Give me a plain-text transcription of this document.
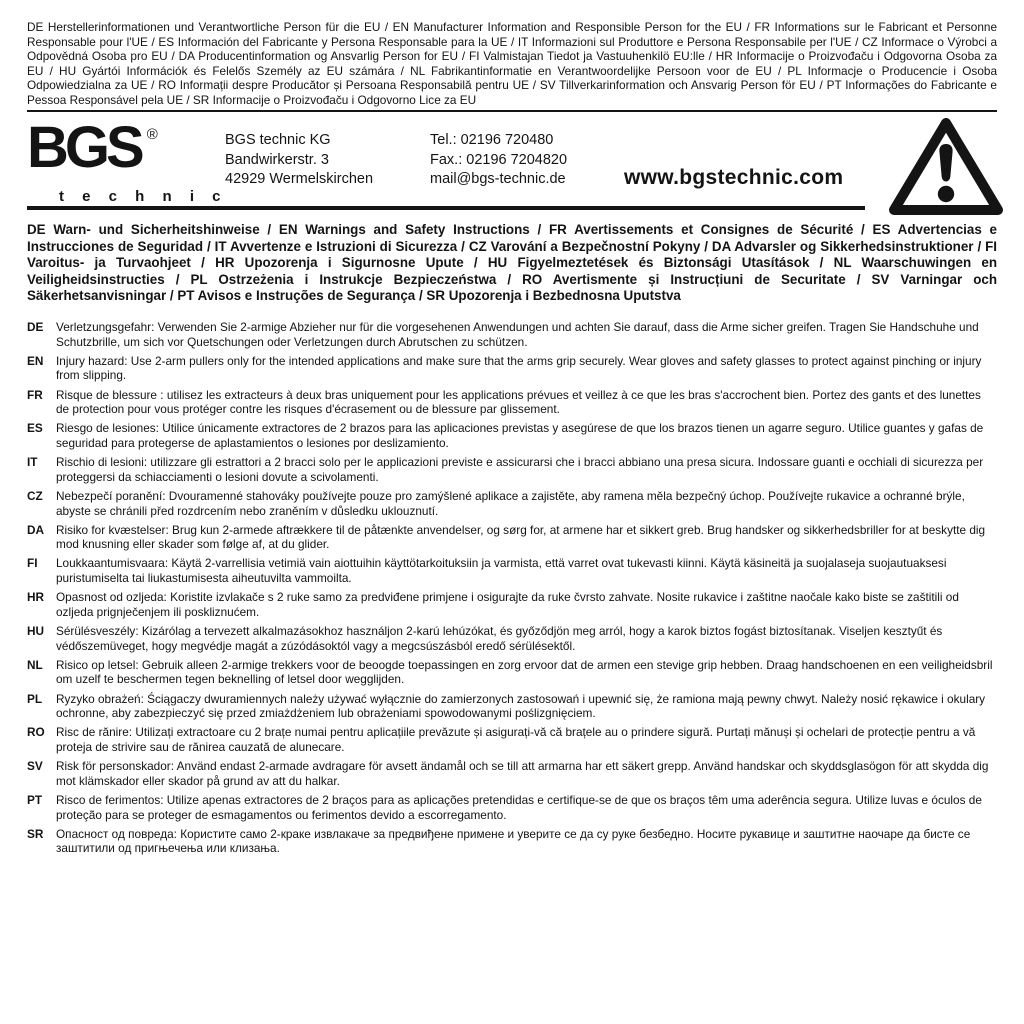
DE Herstellerinformationen und Verantwortliche Person für die EU / EN Manufacturer Information and Responsible Person for the EU / FR Informations sur le Fabricant et Personne Responsable pour l'UE / ES Información del Fabricante y Persona Responsable para la UE / IT Informazioni sul Produttore e Persona Responsabile per l'UE / CZ Informace o Výrobci a Odpovědná Osoba pro EU / DA Producentinformation og Ansvarlig Person for EU / FI Valmistajan Tiedot ja Vastuuhenkilö EU:lle / HR Informacije o Proizvođaču i Odgovorna Osoba za EU / HU Gyártói Információk és Felelős Személy az EU számára / NL Fabrikantinformatie en Verantwoordelijke Persoon voor de EU / PL Informacje o Producencie i Osoba Odpowiedzialna za UE / RO Informații despre Producător și Persoana Responsabilă pentru UE / SV Tillverkarinformation och Ansvarig Person för EU / PT Informações do Fabricante e Pessoa Responsável pela UE / SR Informacije o Proizvođaču i Odgovorno Lice za EU
BGS ®
t e c h n i c
BGS technic KG
Bandwirkerstr. 3
42929 Wermelskirchen
Tel.: 02196 720480
Fax.: 02196 7204820
mail@bgs-technic.de	www.bgstechnic.com
DE Warn- und Sicherheitshinweise / EN Warnings and Safety Instructions / FR Avertissements et Consignes de Sécurité / ES Advertencias e Instrucciones de Seguridad / IT Avvertenze e Istruzioni di Sicurezza / CZ Varování a Bezpečnostní Pokyny / DA Advarsler og Sikkerhedsinstruktioner / FI Varoitus- ja Turvaohjeet / HR Upozorenja i Sigurnosne Upute / HU Figyelmeztetések és Biztonsági Utasítások / NL Waarschuwingen en Veiligheidsinstructies / PL Ostrzeżenia i Instrukcje Bezpieczeństwa / RO Avertismente și Instrucțiuni de Securitate / SV Varningar och Säkerhetsanvisningar / PT Avisos e Instruções de Segurança / SR Upozorenja i Bezbednosna Uputstva
DE	Verletzungsgefahr: Verwenden Sie 2-armige Abzieher nur für die vorgesehenen Anwendungen und achten Sie darauf, dass die Arme sicher greifen. Tragen Sie Handschuhe und Schutzbrille, um sich vor Quetschungen oder Verletzungen durch Abrutschen zu schützen.
EN	Injury hazard: Use 2-arm pullers only for the intended applications and make sure that the arms grip securely. Wear gloves and safety glasses to protect against pinching or injury from slipping.
FR	Risque de blessure : utilisez les extracteurs à deux bras uniquement pour les applications prévues et veillez à ce que les bras s'accrochent bien. Portez des gants et des lunettes de protection pour vous protéger contre les risques d'écrasement ou de blessure par glissement.
ES	Riesgo de lesiones: Utilice únicamente extractores de 2 brazos para las aplicaciones previstas y asegúrese de que los brazos tienen un agarre seguro. Utilice guantes y gafas de seguridad para protegerse de aplastamientos o lesiones por deslizamiento.
IT	Rischio di lesioni: utilizzare gli estrattori a 2 bracci solo per le applicazioni previste e assicurarsi che i bracci abbiano una presa sicura. Indossare guanti e occhiali di sicurezza per proteggersi da schiacciamenti o lesioni dovute a scivolamenti.
CZ	Nebezpečí poranění: Dvouramenné stahováky používejte pouze pro zamýšlené aplikace a zajistěte, aby ramena měla bezpečný úchop. Používejte rukavice a ochranné brýle, abyste se chránili před rozdrcením nebo zraněním v důsledku uklouznutí.
DA	Risiko for kvæstelser: Brug kun 2-armede aftrækkere til de påtænkte anvendelser, og sørg for, at armene har et sikkert greb. Brug handsker og sikkerhedsbriller for at beskytte dig mod knusning eller skader som følge af, at du glider.
FI	Loukkaantumisvaara: Käytä 2-varrellisia vetimiä vain aiottuihin käyttötarkoituksiin ja varmista, että varret ovat tukevasti kiinni. Käytä käsineitä ja suojalaseja suojautuaksesi puristumiselta tai liukastumisesta aiheutuvilta vammoilta.
HR	Opasnost od ozljeda: Koristite izvlakače s 2 ruke samo za predviđene primjene i osigurajte da ruke čvrsto zahvate. Nosite rukavice i zaštitne naočale kako biste se zaštitili od ozljeda prignječenjem ili poskliznućem.
HU	Sérülésveszély: Kizárólag a tervezett alkalmazásokhoz használjon 2-karú lehúzókat, és győződjön meg arról, hogy a karok biztos fogást biztosítanak. Viseljen kesztyűt és védőszemüveget, hogy megvédje magát a zúzódásoktól vagy a megcsúszásból eredő sérülésektől.
NL	Risico op letsel: Gebruik alleen 2-armige trekkers voor de beoogde toepassingen en zorg ervoor dat de armen een stevige grip hebben. Draag handschoenen en een veiligheidsbril om uzelf te beschermen tegen beknelling of letsel door wegglijden.
PL	Ryzyko obrażeń: Ściągaczy dwuramiennych należy używać wyłącznie do zamierzonych zastosowań i upewnić się, że ramiona mają pewny chwyt. Należy nosić rękawice i okulary ochronne, aby zabezpieczyć się przed zmiażdżeniem lub obrażeniami spowodowanymi poślizgnięciem.
RO Risc de rănire: Utilizați extractoare cu 2 brațe numai pentru aplicațiile prevăzute și asigurați-vă că brațele au o prindere sigură. Purtați mănuși și ochelari de protecție pentru a vă proteja de strivire sau de rănirea cauzată de alunecare.
SV	Risk för personskador: Använd endast 2-armade avdragare för avsett ändamål och se till att armarna har ett säkert grepp. Använd handskar och skyddsglasögon för att skydda dig mot klämskador eller skador på grund av att du halkar.
PT	Risco de ferimentos: Utilize apenas extractores de 2 braços para as aplicações pretendidas e certifique-se de que os braços têm uma aderência segura. Utilize luvas e óculos de proteção para se proteger de esmagamentos ou ferimentos devido a escorregamento.
SR	Опасност од повреда: Користите само 2-краке извлакаче за предвиђене примене и уверите се да су руке безбедно. Носите рукавице и заштитне наочаре да бисте се заштитили од пригњечења или клизања.
